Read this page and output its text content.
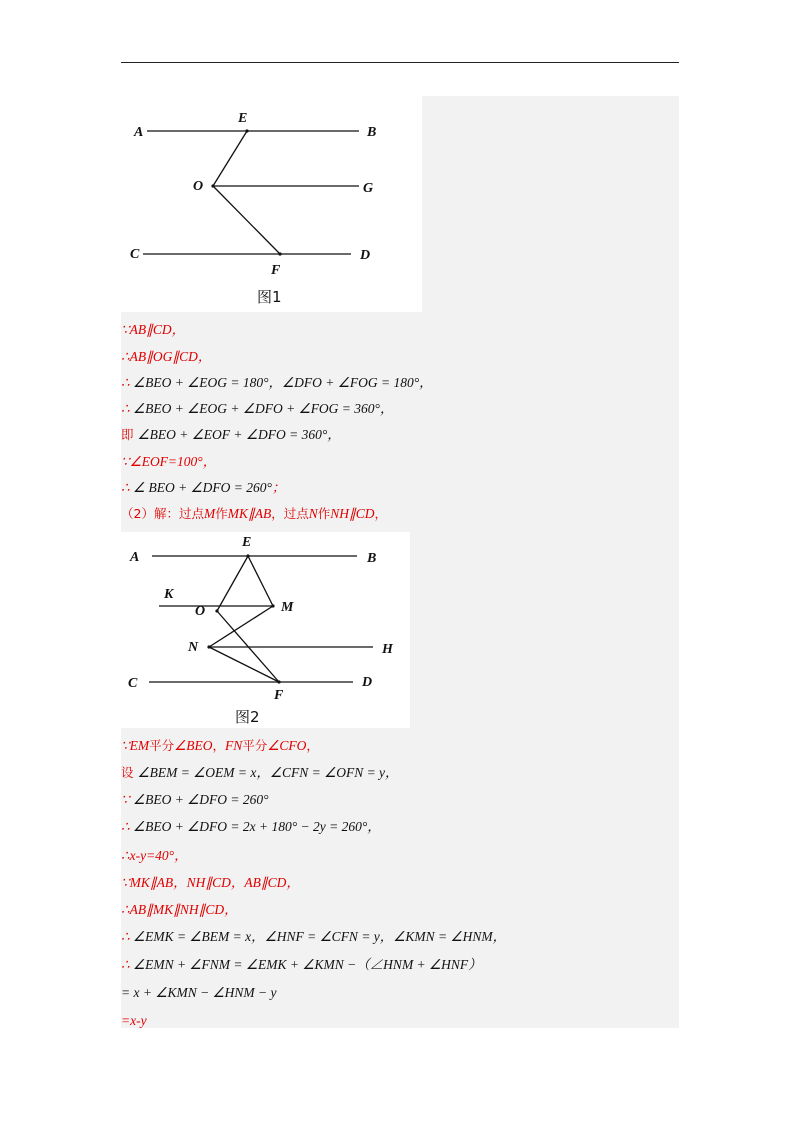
A	B
E
O	G
C	D
F
图1
A	B
E
K
O	M
N	H
C	D
F
图2
∵AB∥CD，
∴AB∥OG∥CD，
∴ ∠BEO + ∠EOG = 180°，∠DFO + ∠FOG = 180°，
∴ ∠BEO + ∠EOG + ∠DFO + ∠FOG = 360°，
即 ∠BEO + ∠EOF + ∠DFO = 360°，
∵∠EOF=100°，
∴ ∠ BEO + ∠DFO = 260°；
（2）解：过点M作MK∥AB，过点N作NH∥CD，
∵EM平分∠BEO，FN平分∠CFO，
设 ∠BEM = ∠OEM = x，∠CFN = ∠OFN = y，
∵ ∠BEO + ∠DFO = 260°
∴ ∠BEO + ∠DFO = 2x + 180° − 2y = 260°，
∴x-y=40°，
∵MK∥AB，NH∥CD，AB∥CD，
∴AB∥MK∥NH∥CD，
∴ ∠EMK = ∠BEM = x，∠HNF = ∠CFN = y，∠KMN = ∠HNM，
∴ ∠EMN + ∠FNM = ∠EMK + ∠KMN −（∠HNM + ∠HNF）
= x + ∠KMN − ∠HNM − y
=x-y
